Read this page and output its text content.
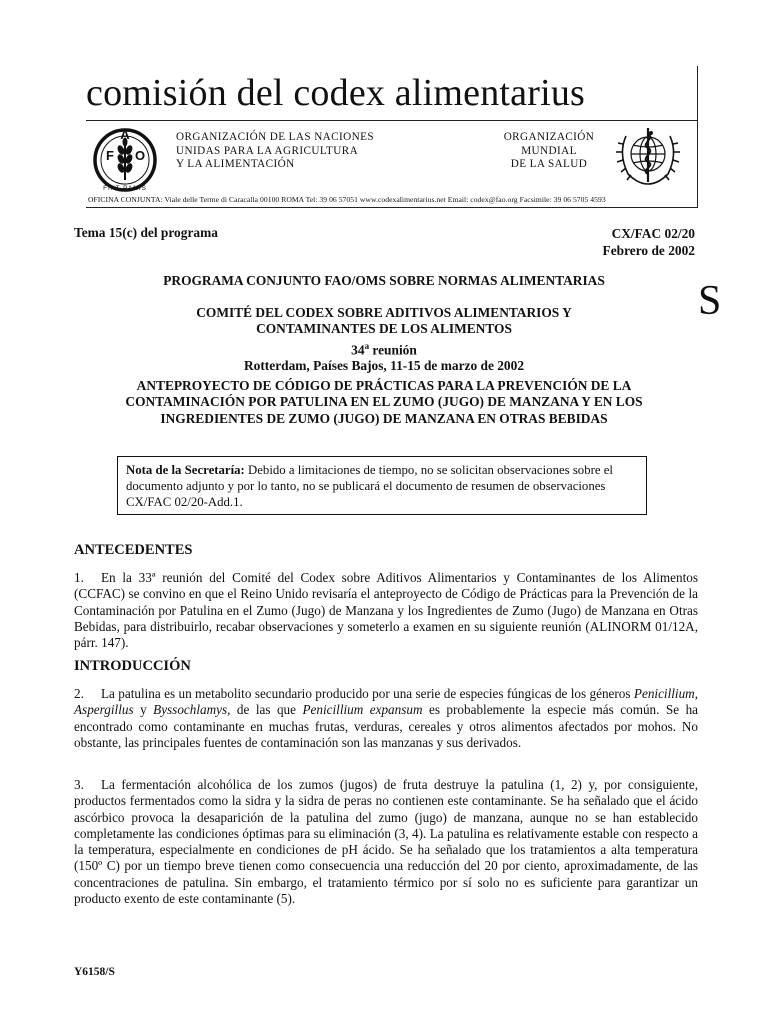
comisión del codex alimentarius
F
A
O
FIAT PANIS
ORGANIZACIÓN DE LAS NACIONES
UNIDAS PARA LA AGRICULTURA
Y LA ALIMENTACIÓN
ORGANIZACIÓN
MUNDIAL
DE LA SALUD
OFICINA CONJUNTA: Viale delle Terme di Caracalla 00100 ROMA Tel: 39 06 57051 www.codexalimentarius.net Email: codex@fao.org Facsimile: 39 06 5705 4593
Tema 15(c) del programa	CX/FAC 02/20
Febrero de 2002
S
PROGRAMA CONJUNTO FAO/OMS SOBRE NORMAS ALIMENTARIAS
COMITÉ DEL CODEX SOBRE ADITIVOS ALIMENTARIOS Y
CONTAMINANTES DE LOS ALIMENTOS
34$^a$ reunión
Rotterdam, Países Bajos, 11-15 de marzo de 2002
ANTEPROYECTO DE CÓDIGO DE PRÁCTICAS PARA LA PREVENCIÓN DE LA
CONTAMINACIÓN POR PATULINA EN EL ZUMO (JUGO) DE MANZANA Y EN LOS
INGREDIENTES DE ZUMO (JUGO) DE MANZANA EN OTRAS BEBIDAS
Nota de la Secretaría: Debido a limitaciones de tiempo, no se solicitan observaciones sobre el documento adjunto y por lo tanto, no se publicará el documento de resumen de observaciones CX/FAC 02/20-Add.1.
ANTECEDENTES
1. En la 33ª reunión del Comité del Codex sobre Aditivos Alimentarios y Contaminantes de los Alimentos (CCFAC) se convino en que el Reino Unido revisaría el anteproyecto de Código de Prácticas para la Prevención de la Contaminación por Patulina en el Zumo (Jugo) de Manzana y los Ingredientes de Zumo (Jugo) de Manzana en Otras Bebidas, para distribuirlo, recabar observaciones y someterlo a examen en su siguiente reunión (ALINORM 01/12A, párr. 147).
INTRODUCCIÓN
2. La patulina es un metabolito secundario producido por una serie de especies fúngicas de los géneros Penicillium, Aspergillus y Byssochlamys, de las que Penicillium expansum es probablemente la especie más común. Se ha encontrado como contaminante en muchas frutas, verduras, cereales y otros alimentos afectados por mohos. No obstante, las principales fuentes de contaminación son las manzanas y sus derivados.
3. La fermentación alcohólica de los zumos (jugos) de fruta destruye la patulina (1, 2) y, por consiguiente, productos fermentados como la sidra y la sidra de peras no contienen este contaminante. Se ha señalado que el ácido ascórbico provoca la desaparición de la patulina del zumo (jugo) de manzana, aunque no se han establecido completamente las condiciones óptimas para su eliminación (3, 4). La patulina es relativamente estable con respecto a la temperatura, especialmente en condiciones de pH ácido. Se ha señalado que los tratamientos a alta temperatura (150º C) por un tiempo breve tienen como consecuencia una reducción del 20 por ciento, aproximadamente, de las concentraciones de patulina. Sin embargo, el tratamiento térmico por sí solo no es suficiente para garantizar un producto exento de este contaminante (5).
Y6158/S
